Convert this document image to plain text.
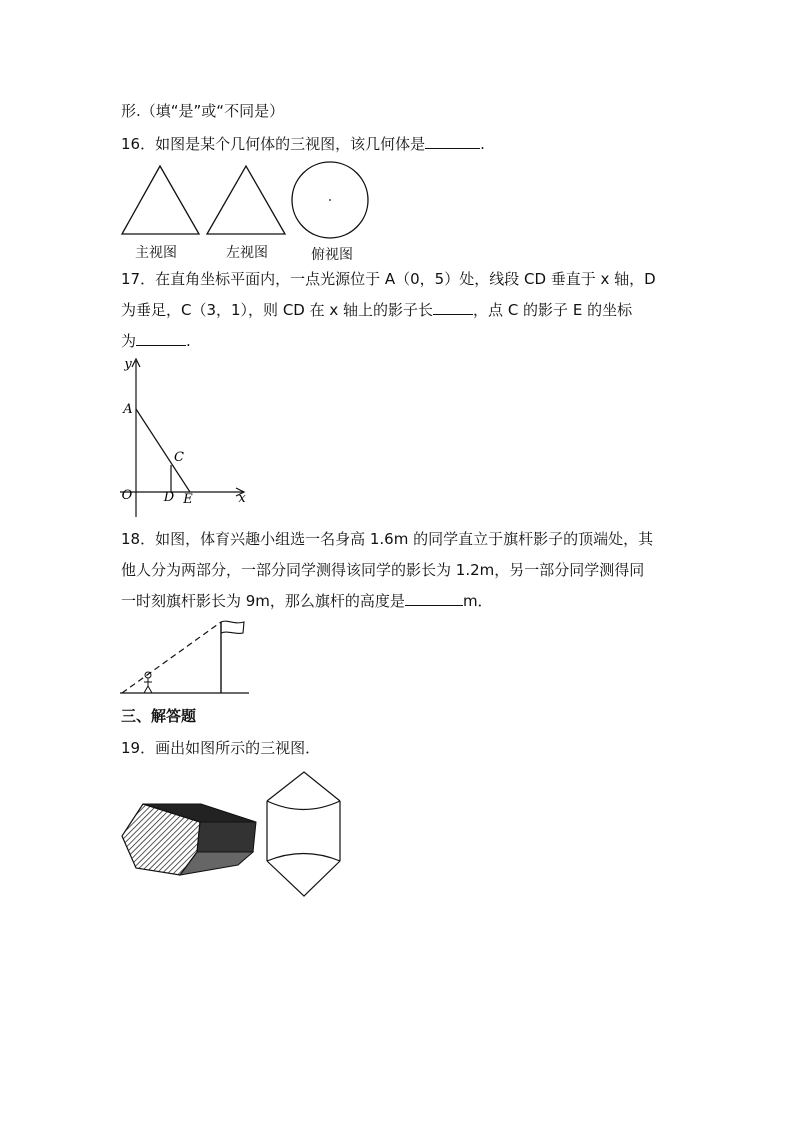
形.（填“是”或“不同是）
16．如图是某个几何体的三视图，该几何体是	.
主视图	左视图	俯视图
17．在直角坐标平面内，一点光源位于 A（0，5）处，线段 CD 垂直于 x 轴，D
为垂足，C（3，1），则 CD 在 x 轴上的影子长	，点 C 的影子 E 的坐标
为	.
y
A
C
O D E	x
18．如图，体育兴趣小组选一名身高 1.6m 的同学直立于旗杆影子的顶端处，其
他人分为两部分，一部分同学测得该同学的影长为 1.2m，另一部分同学测得同
一时刻旗杆影长为 9m，那么旗杆的高度是	m．
三、解答题
19．画出如图所示的三视图．
